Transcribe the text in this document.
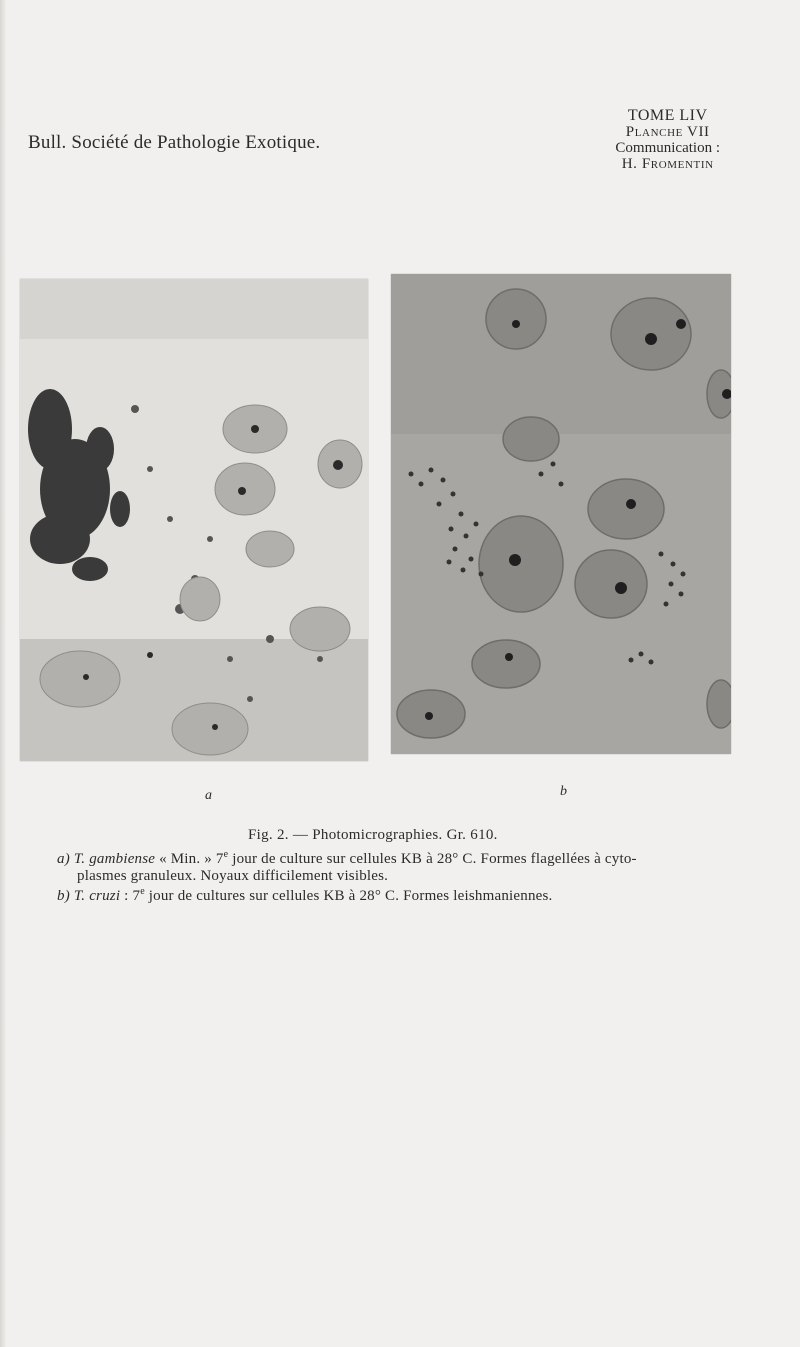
Bull. Société de Pathologie Exotique.
TOME LIV
Planche VII
Communication :
H. Fromentin
a	b
Fig. 2. — Photomicrographies. Gr. 610.
a) T. gambiense « Min. » 7e jour de culture sur cellules KB à 28° C. Formes flagellées à cyto-
plasmes granuleux. Noyaux difficilement visibles.
b) T. cruzi : 7e jour de cultures sur cellules KB à 28° C. Formes leishmaniennes.
